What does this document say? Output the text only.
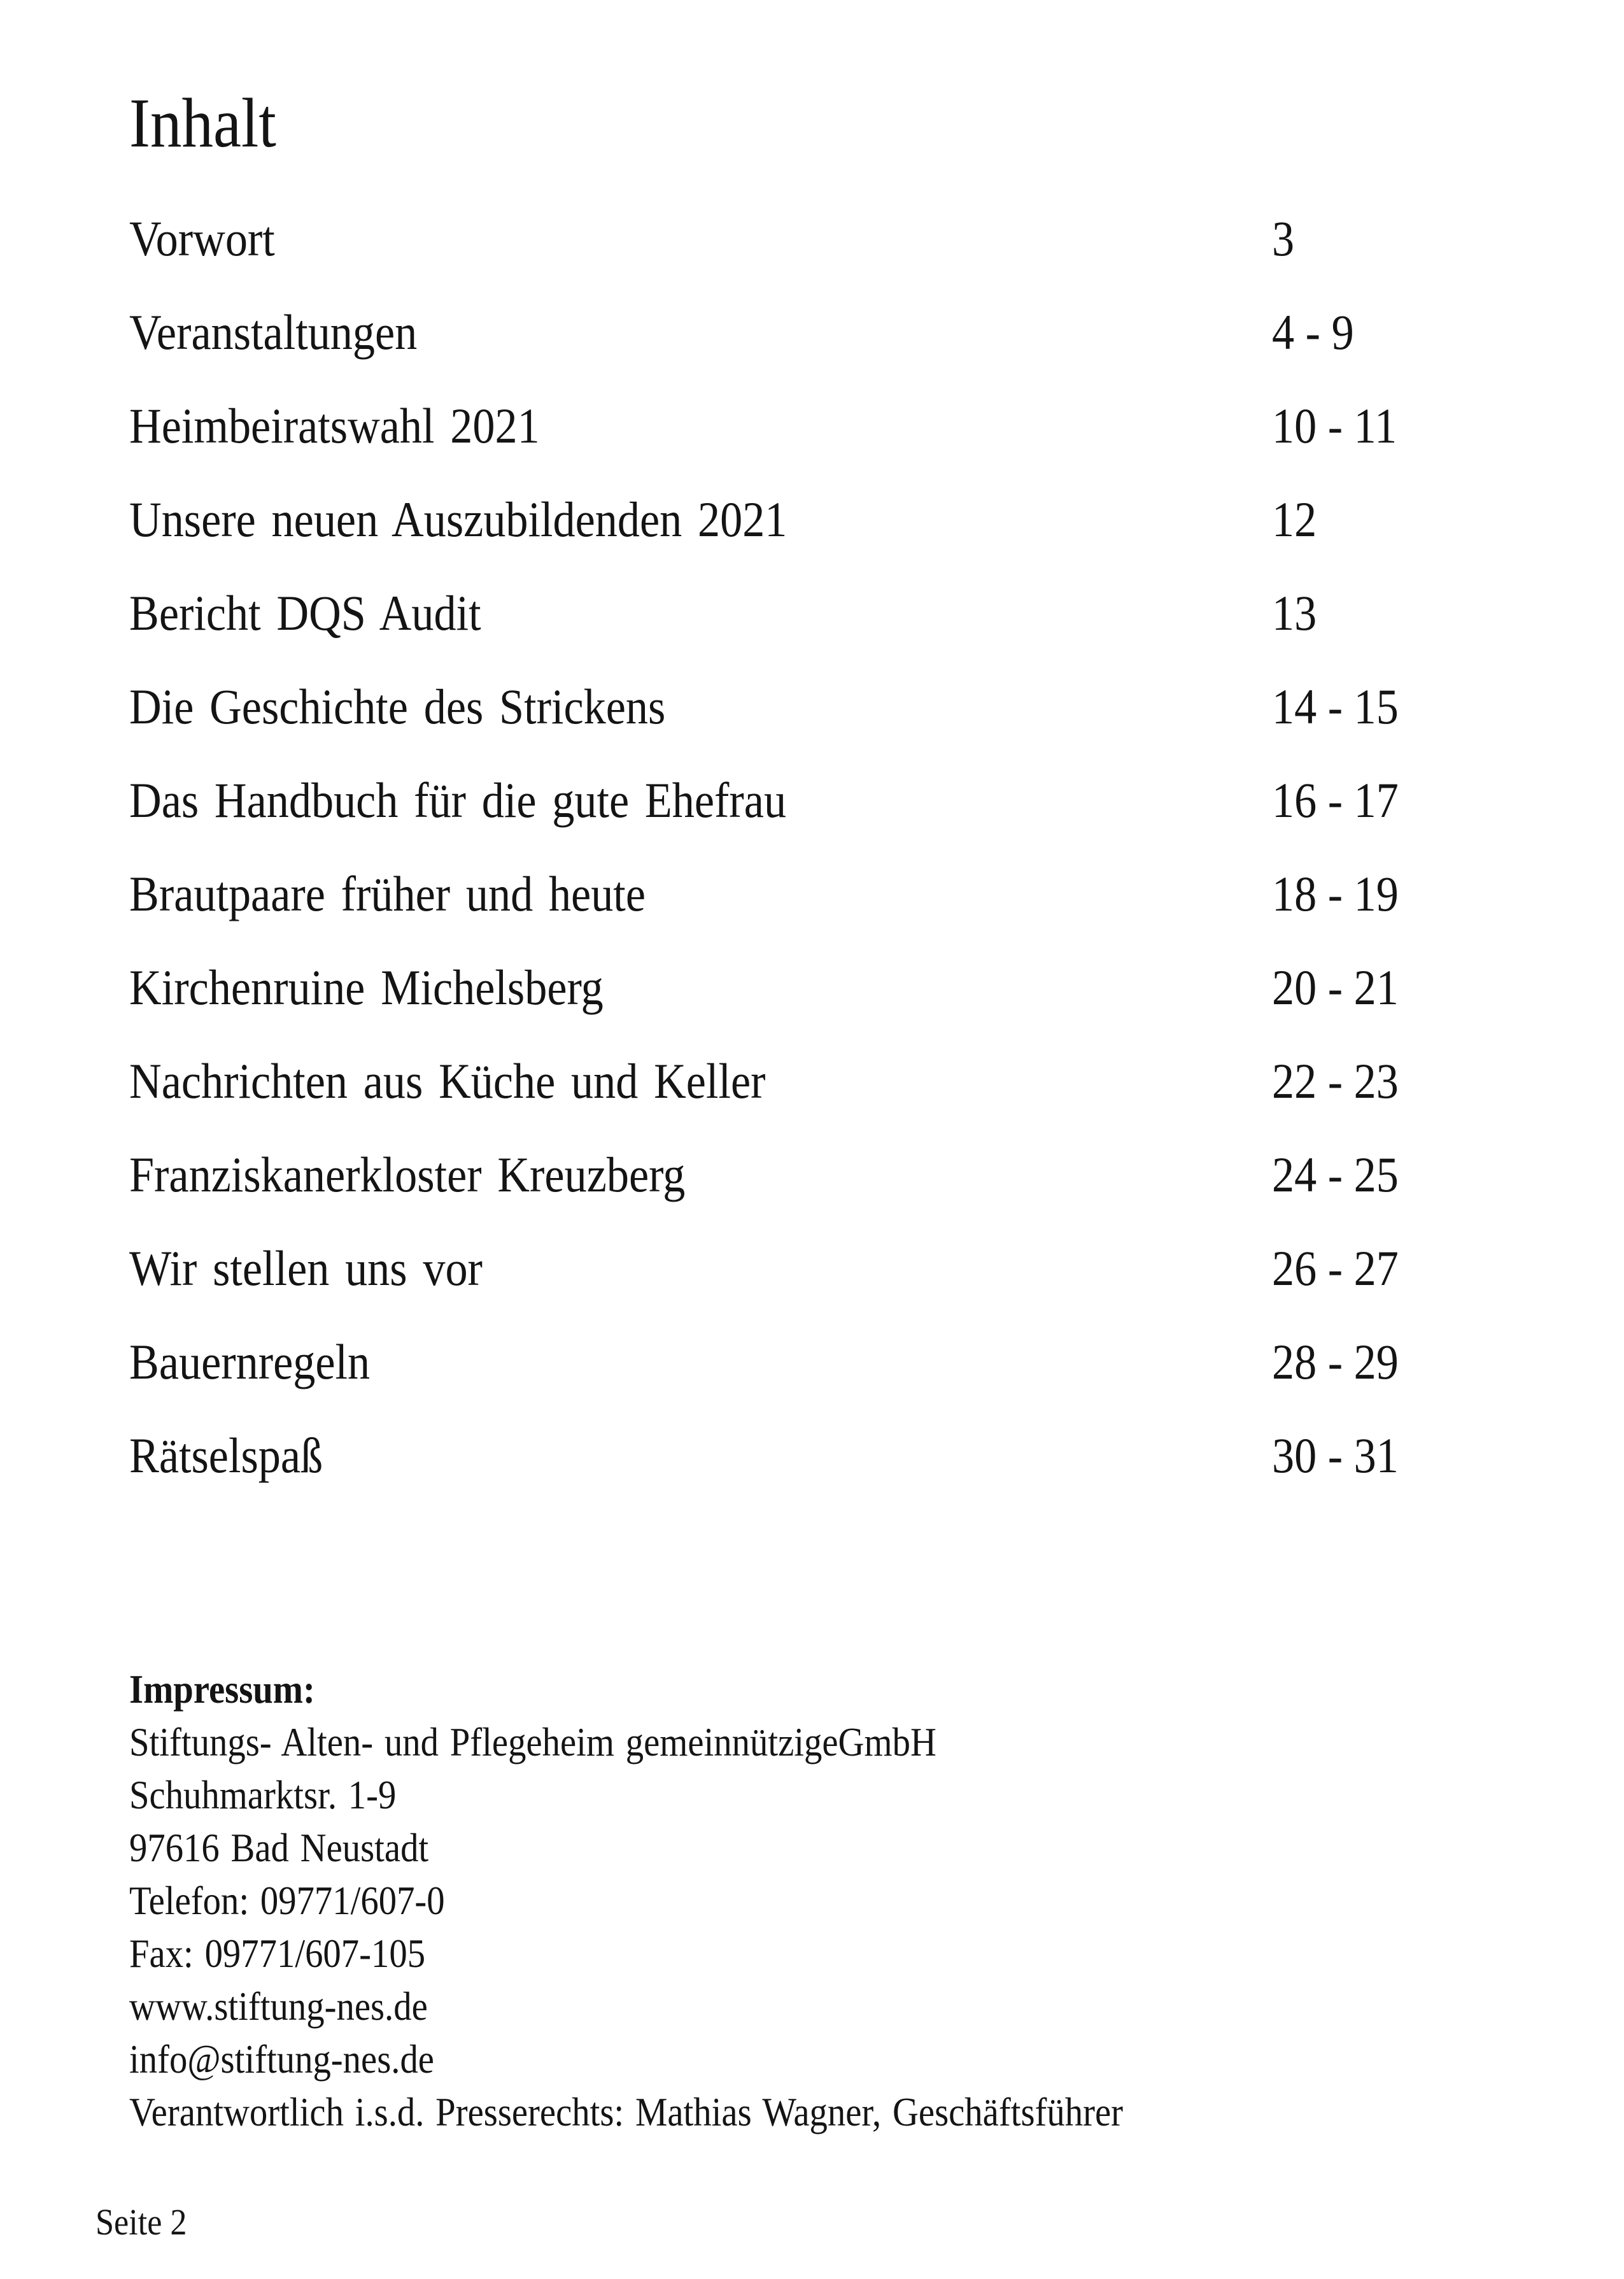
Inhalt
Vorwort	3
Veranstaltungen	4 - 9
Heimbeiratswahl 2021	10 - 11
Unsere neuen Auszubildenden 2021	12
Bericht DQS Audit	13
Die Geschichte des Strickens	14 - 15
Das Handbuch für die gute Ehefrau	16 - 17
Brautpaare früher und heute	18 - 19
Kirchenruine Michelsberg	20 - 21
Nachrichten aus Küche und Keller	22 - 23
Franziskanerkloster Kreuzberg	24 - 25
Wir stellen uns vor	26 - 27
Bauernregeln	28 - 29
Rätselspaß	30 - 31
Impressum:
Stiftungs- Alten- und Pflegeheim gemeinnützigeGmbH
Schuhmarktsr. 1-9
97616 Bad Neustadt
Telefon: 09771/607-0
Fax: 09771/607-105
www.stiftung-nes.de
info@stiftung-nes.de
Verantwortlich i.s.d. Presserechts: Mathias Wagner, Geschäftsführer
Seite 2
